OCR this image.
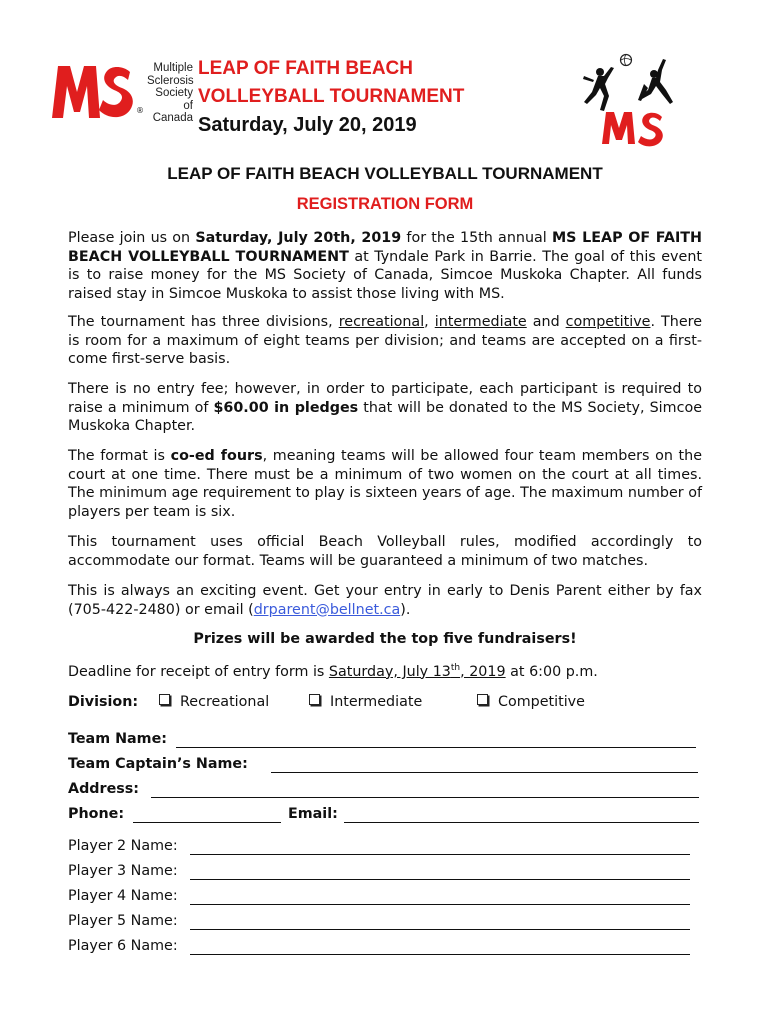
Multiple
Sclerosis
Society of
Canada
®
LEAP OF FAITH BEACH
VOLLEYBALL TOURNAMENT
Saturday, July 20, 2019
LEAP OF FAITH BEACH VOLLEYBALL TOURNAMENT
REGISTRATION FORM
Please join us on Saturday, July 20th, 2019 for the 15th annual MS LEAP OF FAITH BEACH VOLLEYBALL TOURNAMENT at Tyndale Park in Barrie. The goal of this event is to raise money for the MS Society of Canada, Simcoe Muskoka Chapter. All funds raised stay in Simcoe Muskoka to assist those living with MS.
The tournament has three divisions, recreational, intermediate and competitive. There is room for a maximum of eight teams per division; and teams are accepted on a first-come first-serve basis.
There is no entry fee; however, in order to participate, each participant is required to raise a minimum of $60.00 in pledges that will be donated to the MS Society, Simcoe Muskoka Chapter.
The format is co-ed fours, meaning teams will be allowed four team members on the court at one time. There must be a minimum of two women on the court at all times. The minimum age requirement to play is sixteen years of age. The maximum number of players per team is six.
This tournament uses official Beach Volleyball rules, modified accordingly to accommodate our format. Teams will be guaranteed a minimum of two matches.
This is always an exciting event. Get your entry in early to Denis Parent either by fax (705-422-2480) or email (drparent@bellnet.ca).
Prizes will be awarded the top five fundraisers!
Deadline for receipt of entry form is Saturday, July 13th, 2019 at 6:00 p.m.
Division:	Recreational	Intermediate	Competitive
Team Name:
Team Captain’s Name:
Address:
Phone:	Email:
Player 2 Name:
Player 3 Name:
Player 4 Name:
Player 5 Name:
Player 6 Name:
